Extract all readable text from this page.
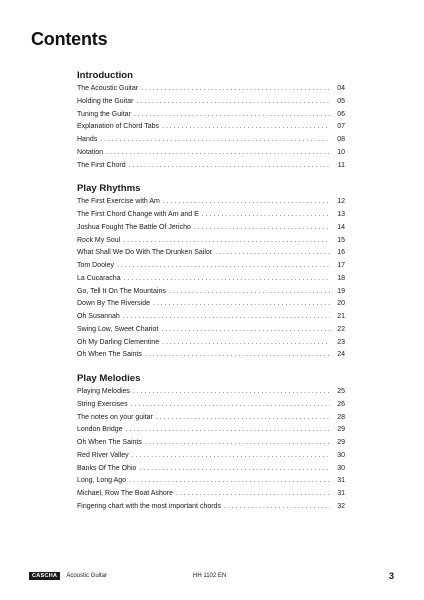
Contents
Introduction
The Acoustic Guitar . . .	04
Holding the Guitar . . .	05
Tuning the Guitar . . .	06
Explanation of Chord Tabs . . .	07
Hands . . .	08
Notation . . .	10
The First Chord . . .	11
Play Rhythms
The First Exercise with Am . . .	12
The First Chord Change with Am and E . . .	13
Joshua Fought The Battle Of Jericho . . .	14
Rock My Soul . . .	15
What Shall We Do With The Drunken Sailor . . .	16
Tom Dooley . . .	17
La Cucaracha . . .	18
Go, Tell It On The Mountains . . .	19
Down By The Riverside . . .	20
Oh Susannah . . .	21
Swing Low, Sweet Chariot . . .	22
Oh My Darling Clementine . . .	23
Oh When The Saints . . .	24
Play Melodies
Playing Melodies . . .	25
String Exercises . . .	26
The notes on your guitar . . .	28
London Bridge . . .	29
Oh When The Saints . . .	29
Red River Valley . . .	30
Banks Of The Ohio . . .	30
Long, Long Ago . . .	31
Michael, Row The Boat Ashore . . .	31
Fingering chart with the most important chords . . .	32
CASCHA	Acoustic Guitar	HH 1102 EN	3
